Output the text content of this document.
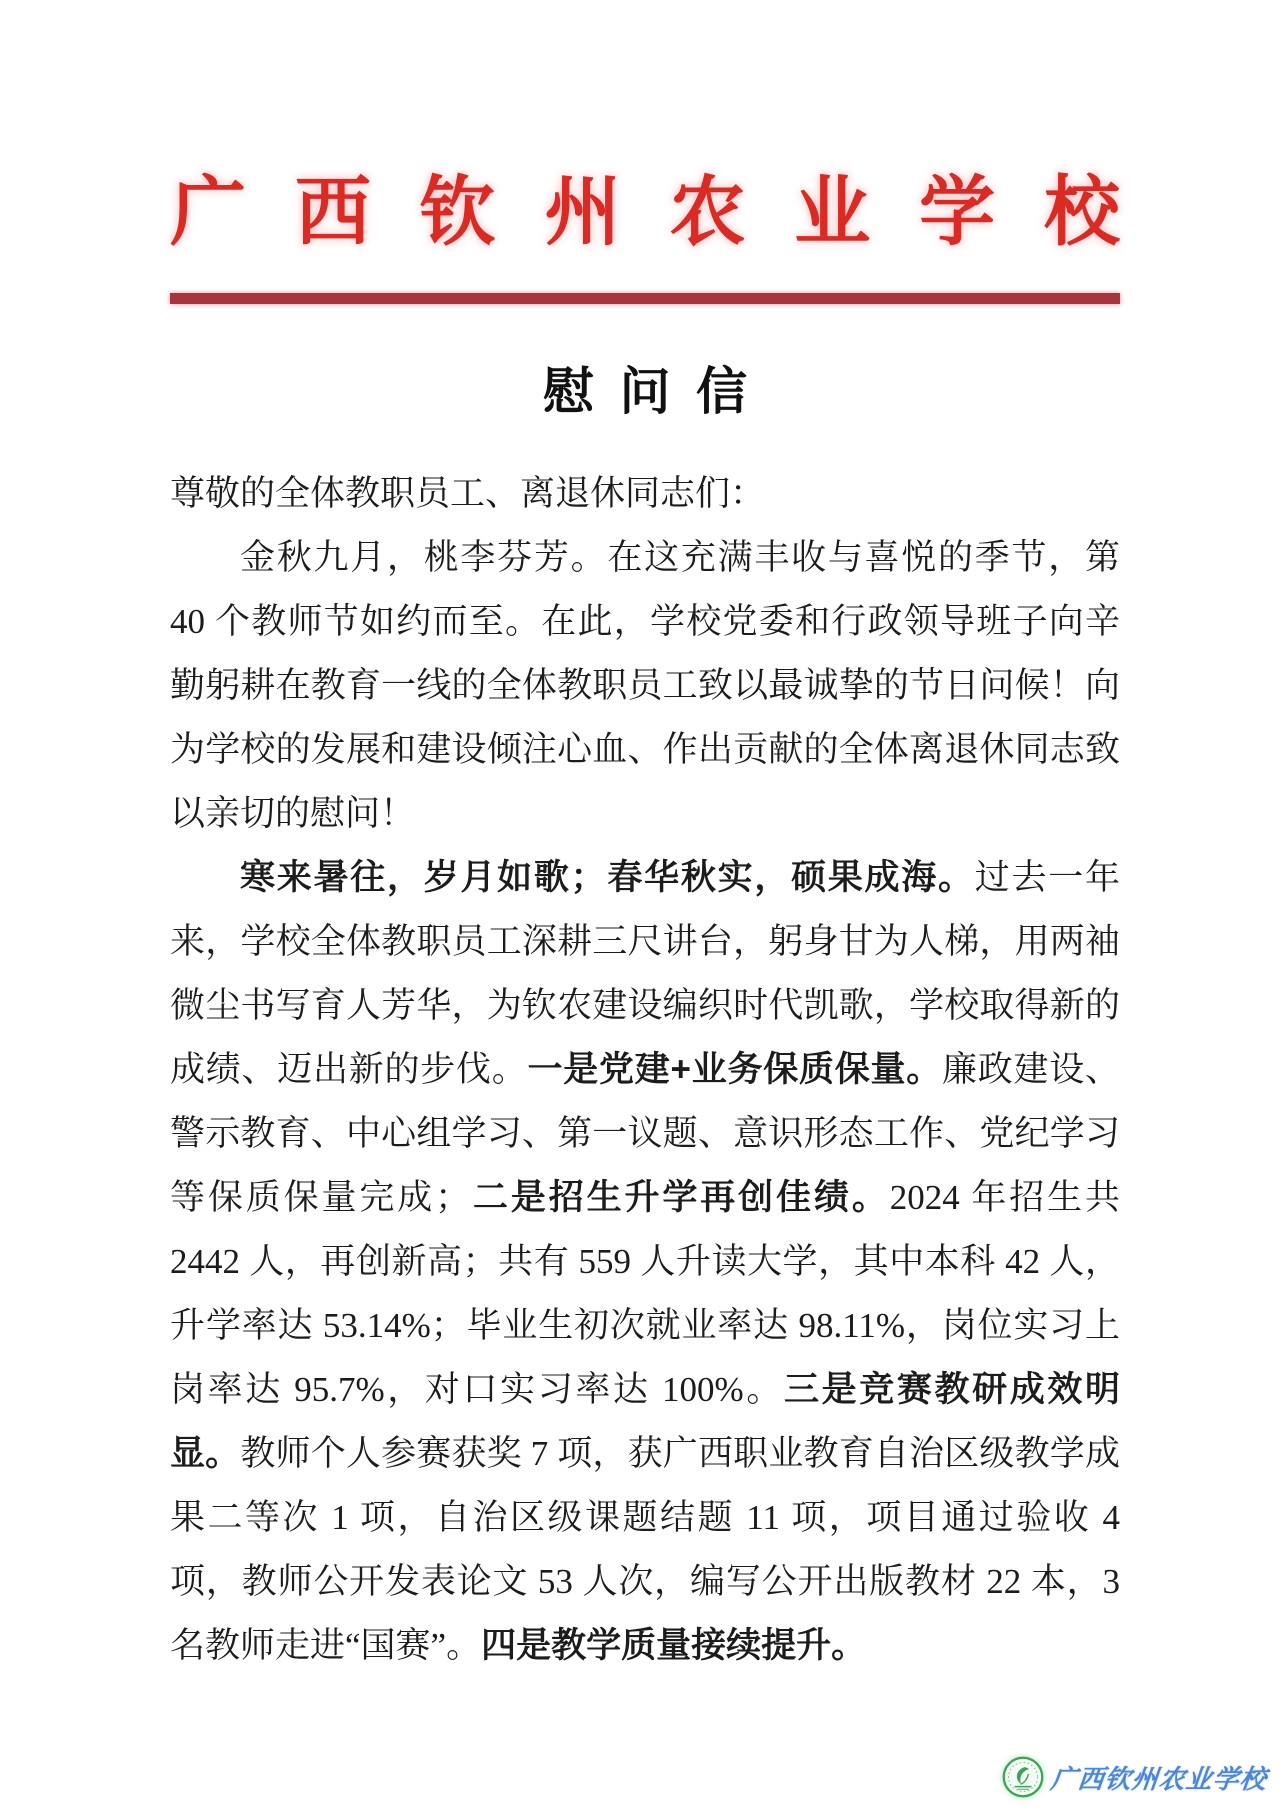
广西钦州农业学校
慰问信

尊敬的全体教职员工、离退休同志们：

金秋九月，桃李芬芳。在这充满丰收与喜悦的季节，第 40 个教师节如约而至。在此，学校党委和行政领导班子向辛勤躬耕在教育一线的全体教职员工致以最诚挚的节日问候！向为学校的发展和建设倾注心血、作出贡献的全体离退休同志致以亲切的慰问！

寒来暑往，岁月如歌；春华秋实，硕果成海。过去一年来，学校全体教职员工深耕三尺讲台，躬身甘为人梯，用两袖微尘书写育人芳华，为钦农建设编织时代凯歌，学校取得新的成绩、迈出新的步伐。一是党建+业务保质保量。廉政建设、警示教育、中心组学习、第一议题、意识形态工作、党纪学习等保质保量完成；二是招生升学再创佳绩。2024 年招生共 2442 人，再创新高；共有 559 人升读大学，其中本科 42 人，升学率达 53.14%；毕业生初次就业率达 98.11%，岗位实习上岗率达 95.7%，对口实习率达 100%。三是竞赛教研成效明显。教师个人参赛获奖 7 项，获广西职业教育自治区级教学成果二等次 1 项，自治区级课题结题 11 项，项目通过验收 4 项，教师公开发表论文 53 人次，编写公开出版教材 22 本，3 名教师走进“国赛”。四是教学质量接续提升。

广西钦州农业学校
